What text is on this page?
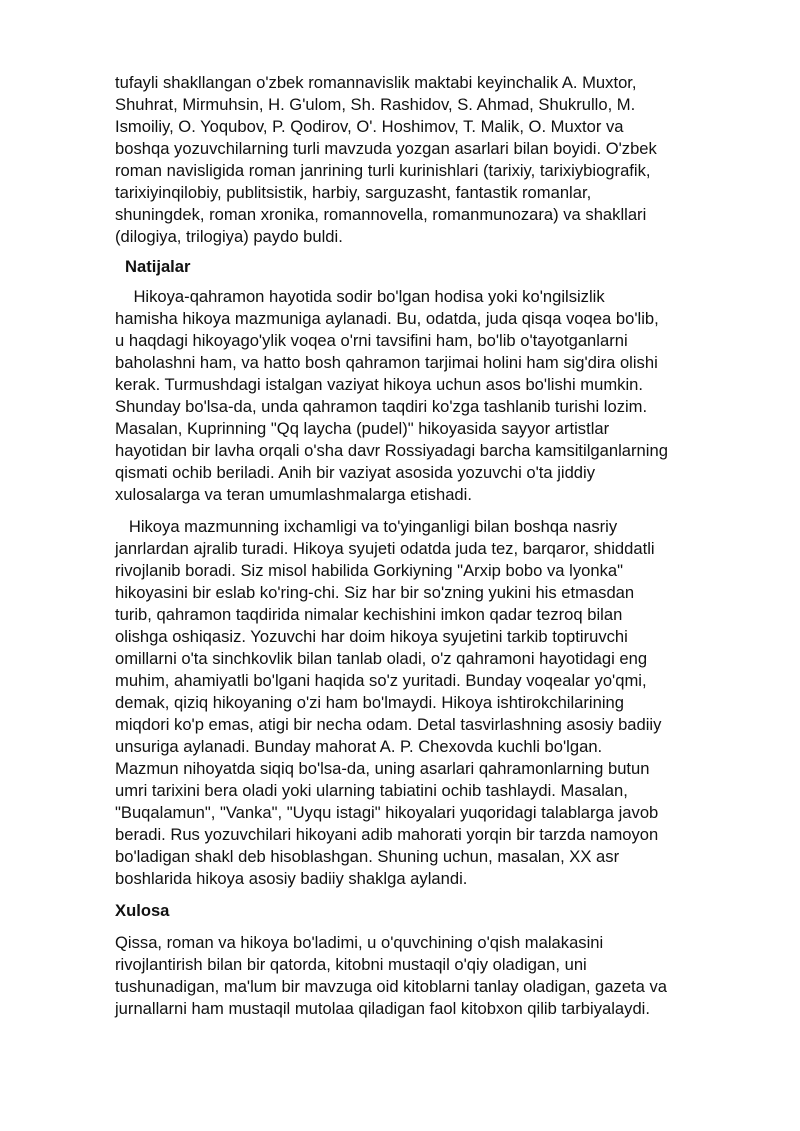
tufayli shakllangan o'zbek romannavislik maktabi keyinchalik A. Muxtor,
Shuhrat, Mirmuhsin, H. G'ulom, Sh. Rashidov, S. Ahmad, Shukrullo, M.
Ismoiliy, O. Yoqubov, P. Qodirov, O'. Hoshimov, T. Malik, O. Muxtor va
boshqa yozuvchilarning turli mavzuda yozgan asarlari bilan boyidi. O'zbek
roman navisligida roman janrining turli kurinishlari (tarixiy, tarixiybiografik,
tarixiyinqilobiy, publitsistik, harbiy, sarguzasht, fantastik romanlar,
shuningdek, roman xronika, romannovella, romanmunozara) va shakllari
(dilogiya, trilogiya) paydo buldi.
Natijalar
Hikoya-qahramon hayotida sodir bo'lgan hodisa yoki ko'ngilsizlik
hamisha hikoya mazmuniga aylanadi. Bu, odatda, juda qisqa voqea bo'lib,
u haqdagi hikoyago'ylik voqea o'rni tavsifini ham, bo'lib o'tayotganlarni
baholashni ham, va hatto bosh qahramon tarjimai holini ham sig'dira olishi
kerak. Turmushdagi istalgan vaziyat hikoya uchun asos bo'lishi mumkin.
Shunday bo'lsa-da, unda qahramon taqdiri ko'zga tashlanib turishi lozim.
Masalan, Kuprinning "Qq laycha (pudel)" hikoyasida sayyor artistlar
hayotidan bir lavha orqali o'sha davr Rossiyadagi barcha kamsitilganlarning
qismati ochib beriladi. Anih bir vaziyat asosida yozuvchi o'ta jiddiy
xulosalarga va teran umumlashmalarga etishadi.
Hikoya mazmunning ixchamligi va to'yinganligi bilan boshqa nasriy
janrlardan ajralib turadi. Hikoya syujeti odatda juda tez, barqaror, shiddatli
rivojlanib boradi. Siz misol habilida Gorkiyning "Arxip bobo va lyonka"
hikoyasini bir eslab ko'ring-chi. Siz har bir so'zning yukini his etmasdan
turib, qahramon taqdirida nimalar kechishini imkon qadar tezroq bilan
olishga oshiqasiz. Yozuvchi har doim hikoya syujetini tarkib toptiruvchi
omillarni o'ta sinchkovlik bilan tanlab oladi, o'z qahramoni hayotidagi eng
muhim, ahamiyatli bo'lgani haqida so'z yuritadi. Bunday voqealar yo'qmi,
demak, qiziq hikoyaning o'zi ham bo'lmaydi. Hikoya ishtirokchilarining
miqdori ko'p emas, atigi bir necha odam. Detal tasvirlashning asosiy badiiy
unsuriga aylanadi. Bunday mahorat A. P. Chexovda kuchli bo'lgan.
Mazmun nihoyatda siqiq bo'lsa-da, uning asarlari qahramonlarning butun
umri tarixini bera oladi yoki ularning tabiatini ochib tashlaydi. Masalan,
"Buqalamun", "Vanka", "Uyqu istagi" hikoyalari yuqoridagi talablarga javob
beradi. Rus yozuvchilari hikoyani adib mahorati yorqin bir tarzda namoyon
bo'ladigan shakl deb hisoblashgan. Shuning uchun, masalan, XX asr
boshlarida hikoya asosiy badiiy shaklga aylandi.
Xulosa
Qissa, roman va hikoya bo'ladimi, u o'quvchining o'qish malakasini
rivojlantirish bilan bir qatorda, kitobni mustaqil o'qiy oladigan, uni
tushunadigan, ma'lum bir mavzuga oid kitoblarni tanlay oladigan, gazeta va
jurnallarni ham mustaqil mutolaa qiladigan faol kitobxon qilib tarbiyalaydi.
